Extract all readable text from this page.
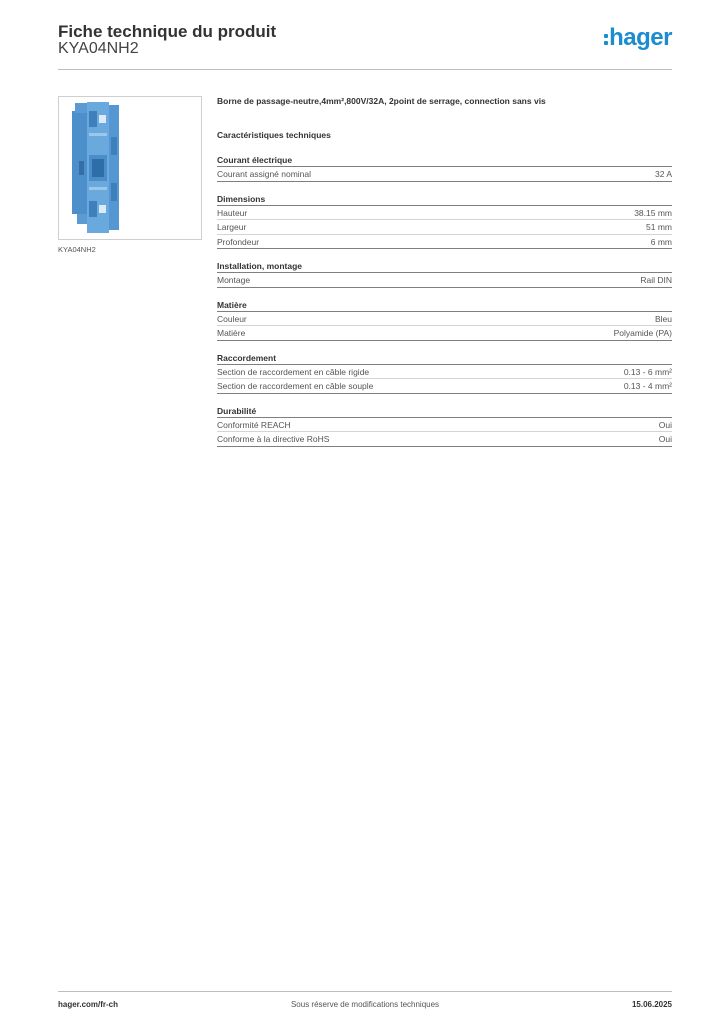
Fiche technique du produit
KYA04NH2	hager
KYA04NH2
Borne de passage-neutre,4mm²,800V/32A, 2point de serrage, connection sans vis
Caractéristiques techniques
Courant électrique
Courant assigné nominal	32 A
Dimensions
Hauteur	38.15 mm
Largeur	51 mm
Profondeur	6 mm
Installation, montage
Montage	Rail DIN
Matière
Couleur	Bleu
Matière	Polyamide (PA)
Raccordement
Section de raccordement en câble rigide	0.13 - 6 mm²
Section de raccordement en câble souple	0.13 - 4 mm²
Durabilité
Conformité REACH	Oui
Conforme à la directive RoHS	Oui
hager.com/fr-ch	Sous réserve de modifications techniques	15.06.2025
